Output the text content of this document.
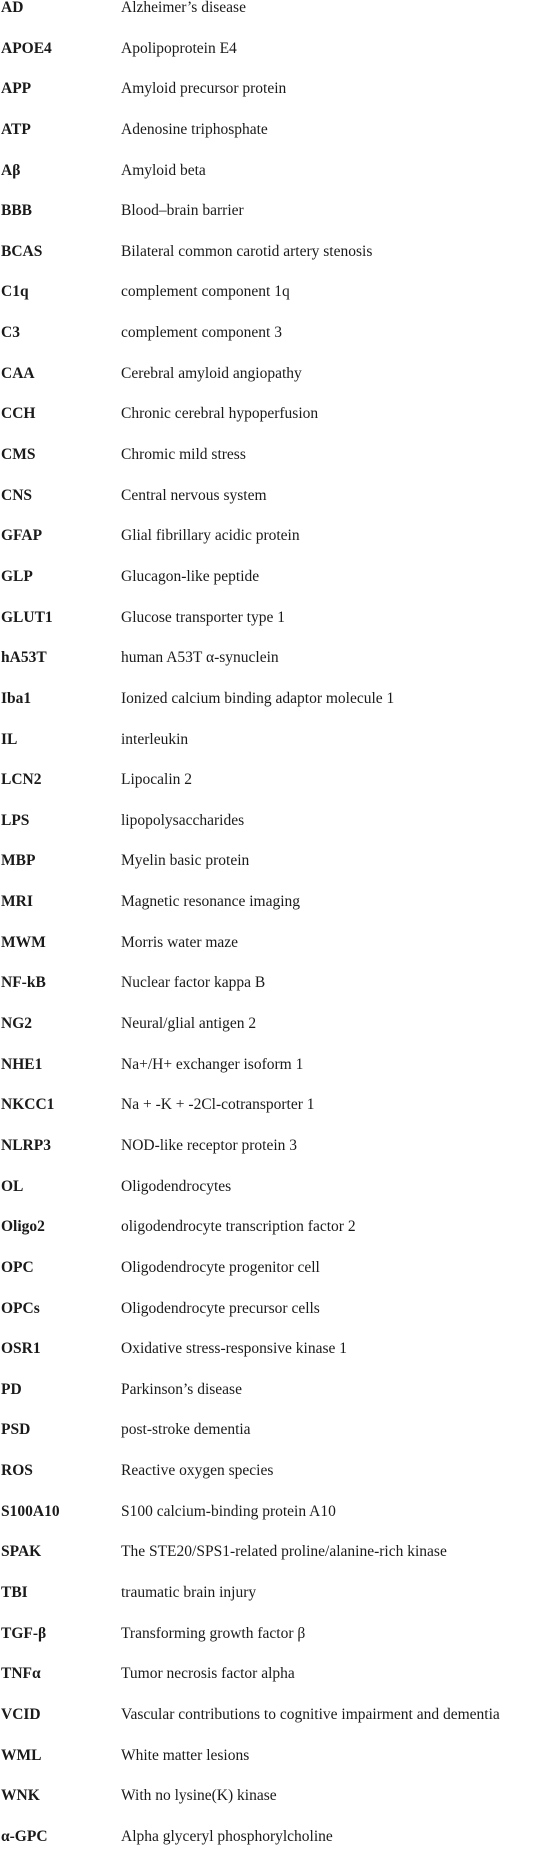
AD	Alzheimer’s disease
APOE4	Apolipoprotein E4
APP	Amyloid precursor protein
ATP	Adenosine triphosphate
Aβ	Amyloid beta
BBB	Blood–brain barrier
BCAS	Bilateral common carotid artery stenosis
C1q	complement component 1q
C3	complement component 3
CAA	Cerebral amyloid angiopathy
CCH	Chronic cerebral hypoperfusion
CMS	Chromic mild stress
CNS	Central nervous system
GFAP	Glial fibrillary acidic protein
GLP	Glucagon-like peptide
GLUT1	Glucose transporter type 1
hA53T	human A53T α-synuclein
Iba1	Ionized calcium binding adaptor molecule 1
IL	interleukin
LCN2	Lipocalin 2
LPS	lipopolysaccharides
MBP	Myelin basic protein
MRI	Magnetic resonance imaging
MWM	Morris water maze
NF-kB	Nuclear factor kappa B
NG2	Neural/glial antigen 2
NHE1	Na+/H+ exchanger isoform 1
NKCC1	Na + -K + -2Cl-cotransporter 1
NLRP3	NOD-like receptor protein 3
OL	Oligodendrocytes
Oligo2	oligodendrocyte transcription factor 2
OPC	Oligodendrocyte progenitor cell
OPCs	Oligodendrocyte precursor cells
OSR1	Oxidative stress-responsive kinase 1
PD	Parkinson’s disease
PSD	post-stroke dementia
ROS	Reactive oxygen species
S100A10	S100 calcium-binding protein A10
SPAK	The STE20/SPS1-related proline/alanine-rich kinase
TBI	traumatic brain injury
TGF-β	Transforming growth factor β
TNFα	Tumor necrosis factor alpha
VCID	Vascular contributions to cognitive impairment and dementia
WML	White matter lesions
WNK	With no lysine(K) kinase
α-GPC	Alpha glyceryl phosphorylcholine
